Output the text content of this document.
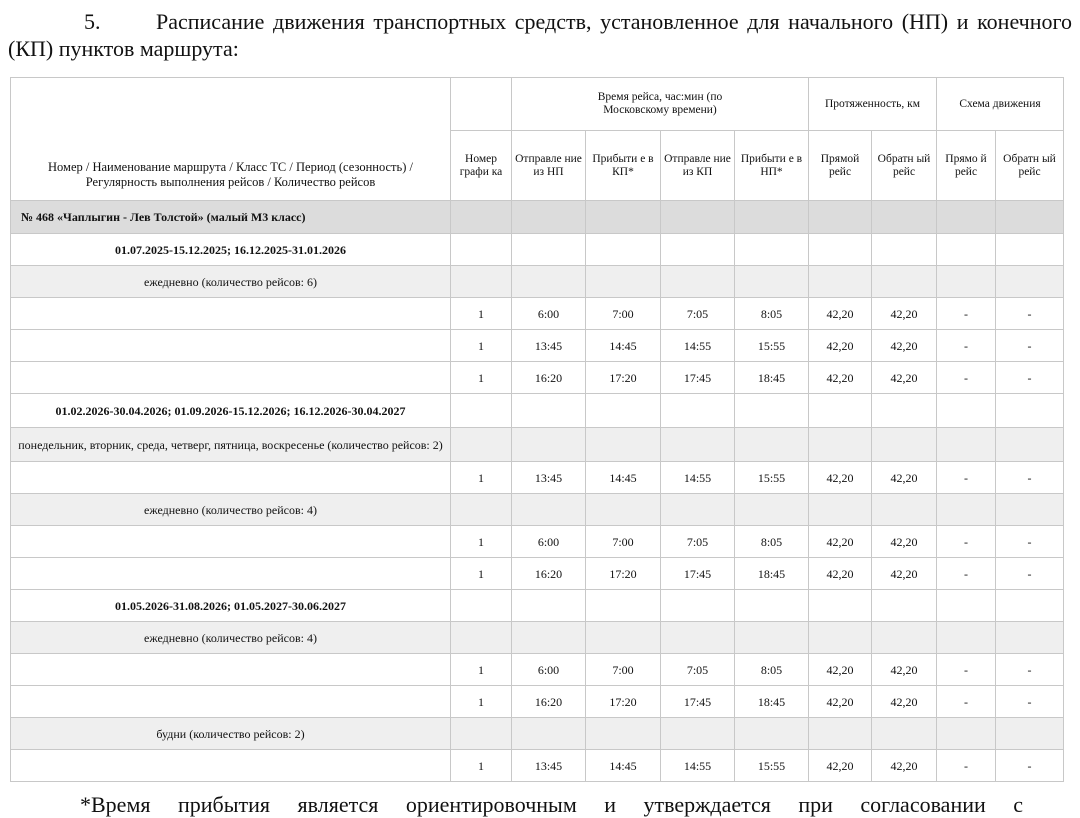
5.	Расписание движения транспортных средств, установленное для начального (НП) и конечного (КП) пунктов маршрута:
Номер / Наименование маршрута / Класс ТС / Период (сезонность) / Регулярность выполнения рейсов / Количество рейсов		Время рейса, час:мин (по Московскому времени)				Протяженность, км		Схема движения	
	Номер графи ка	Отправле ние из НП	Прибыти е в КП*	Отправле ние из КП	Прибыти е в НП*	Прямой рейс	Обратн ый рейс	Прямо й рейс	Обратн ый рейс
№ 468 «Чаплыгин - Лев Толстой» (малый М3 класс)									
01.07.2025-15.12.2025; 16.12.2025-31.01.2026									
ежедневно (количество рейсов: 6)									
	1	6:00	7:00	7:05	8:05	42,20	42,20	-	-
	1	13:45	14:45	14:55	15:55	42,20	42,20	-	-
	1	16:20	17:20	17:45	18:45	42,20	42,20	-	-
01.02.2026-30.04.2026; 01.09.2026-15.12.2026; 16.12.2026-30.04.2027									
понедельник, вторник, среда, четверг, пятница, воскресенье (количество рейсов: 2)									
	1	13:45	14:45	14:55	15:55	42,20	42,20	-	-
ежедневно (количество рейсов: 4)									
	1	6:00	7:00	7:05	8:05	42,20	42,20	-	-
	1	16:20	17:20	17:45	18:45	42,20	42,20	-	-
01.05.2026-31.08.2026; 01.05.2027-30.06.2027									
ежедневно (количество рейсов: 4)									
	1	6:00	7:00	7:05	8:05	42,20	42,20	-	-
	1	16:20	17:20	17:45	18:45	42,20	42,20	-	-
будни (количество рейсов: 2)									
	1	13:45	14:45	14:55	15:55	42,20	42,20	-	-
*Время прибытия является ориентировочным и утверждается при согласовании с
